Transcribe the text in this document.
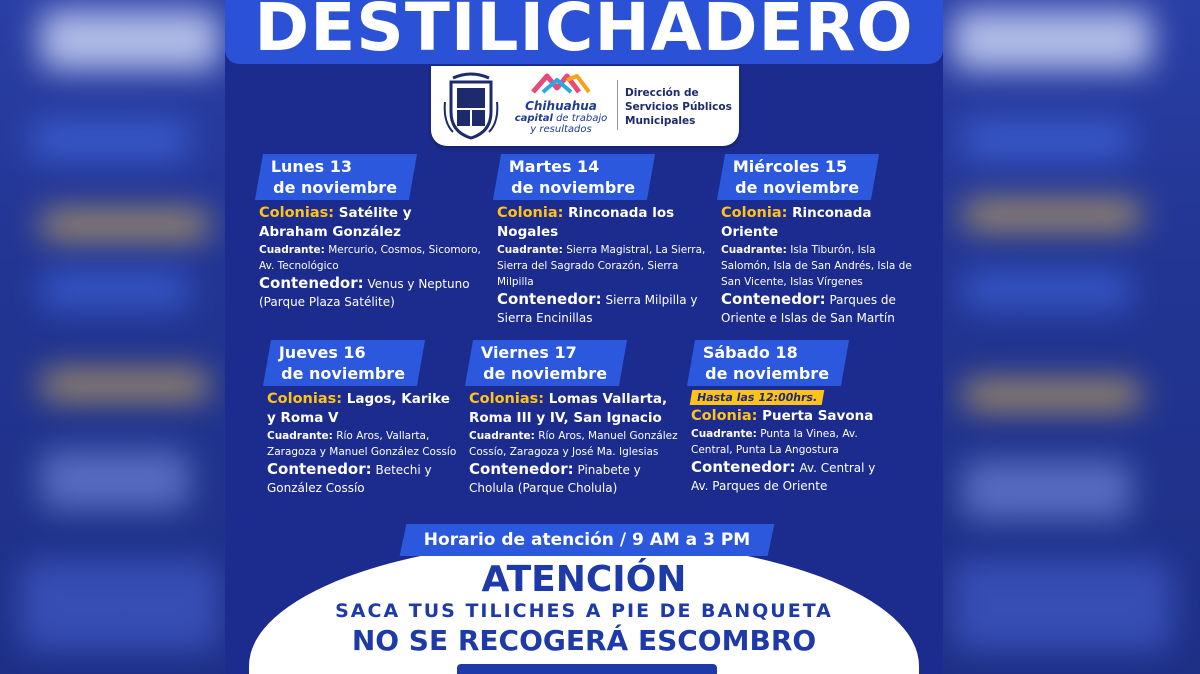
DESTILICHADERO
Chihuahua
capital de trabajo
y resultados
Dirección de Servicios Públicos Municipales
Lunes 13
de noviembre
Colonias: Satélite y Abraham González
Cuadrante: Mercurio, Cosmos, Sicomoro, Av. Tecnológico
Contenedor: Venus y Neptuno (Parque Plaza Satélite)
Martes 14
de noviembre
Colonia: Rinconada los Nogales
Cuadrante: Sierra Magistral, La Sierra, Sierra del Sagrado Corazón, Sierra Milpilla
Contenedor: Sierra Milpilla y Sierra Encinillas
Miércoles 15
de noviembre
Colonia: Rinconada Oriente
Cuadrante: Isla Tiburón, Isla Salomón, Isla de San Andrés, Isla de San Vicente, Islas Vírgenes
Contenedor: Parques de Oriente e Islas de San Martín
Jueves 16
de noviembre
Colonias: Lagos, Karike y Roma V
Cuadrante: Río Aros, Vallarta, Zaragoza y Manuel González Cossío
Contenedor: Betechi y González Cossío
Viernes 17
de noviembre
Colonias: Lomas Vallarta, Roma III y IV, San Ignacio
Cuadrante: Río Aros, Manuel González Cossío, Zaragoza y José Ma. Iglesias
Contenedor: Pinabete y Cholula (Parque Cholula)
Sábado 18
de noviembre
Hasta las 12:00hrs.
Colonia: Puerta Savona
Cuadrante: Punta la Vinea, Av. Central, Punta La Angostura
Contenedor: Av. Central y Av. Parques de Oriente
Horario de atención / 9 AM a 3 PM
ATENCIÓN
SACA TUS TILICHES A PIE DE BANQUETA
NO SE RECOGERÁ ESCOMBRO
